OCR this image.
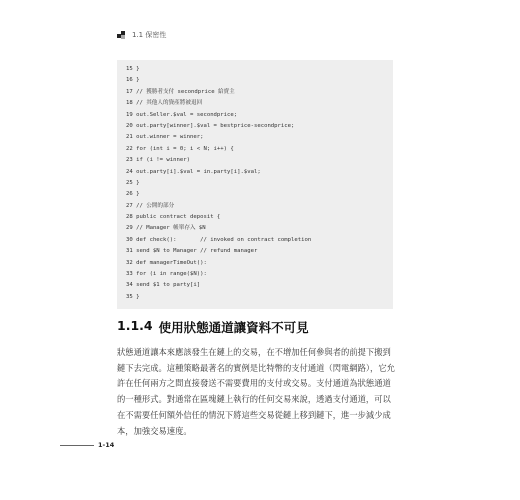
1.1 保密性
15 }
16 }
17 // 獲勝者支付 secondprice 給賣主
18 // 其他人的資產將被退回
19 out.Seller.$val = secondprice;
20 out.party[winner].$val = bestprice-secondprice;
21 out.winner = winner;
22 for (int i = 0; i < N; i++) {
23 if (i != winner)
24 out.party[i].$val = in.party[i].$val;
25 }
26 }
27 // 公開的部分
28 public contract deposit {
29 // Manager 帳單存入 $N
30 def check():       // invoked on contract completion
31 send $N to Manager // refund manager
32 def managerTimeOut():
33 for (i in range($N)):
34 send $1 to party[i]
35 }
1.1.4 使用狀態通道讓資料不可見

狀態通道讓本來應該發生在鏈上的交易，在不增加任何參與者的前提下搬到鏈下去完成。這種策略最著名的實例是比特幣的支付通道（閃電網路），它允許在任何兩方之間直接發送不需要費用的支付或交易。支付通道為狀態通道的一種形式。對通常在區塊鏈上執行的任何交易來說，透過支付通道，可以在不需要任何額外信任的情況下將這些交易從鏈上移到鏈下，進一步減少成本，加強交易速度。

1-14
